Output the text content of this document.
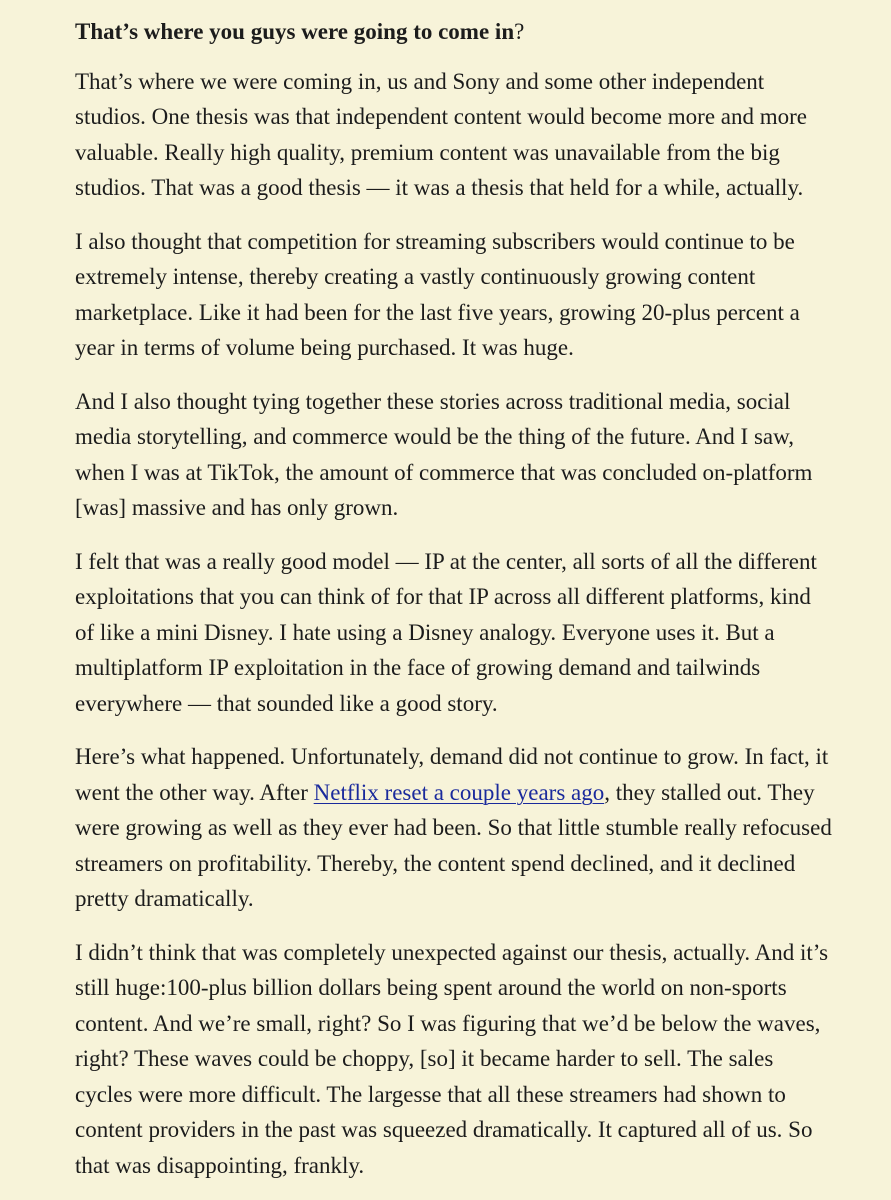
That’s where you guys were going to come in?

That’s where we were coming in, us and Sony and some other independent studios. One thesis was that independent content would become more and more valuable. Really high quality, premium content was unavailable from the big studios. That was a good thesis — it was a thesis that held for a while, actually.

I also thought that competition for streaming subscribers would continue to be extremely intense, thereby creating a vastly continuously growing content marketplace. Like it had been for the last five years, growing 20-plus percent a year in terms of volume being purchased. It was huge.

And I also thought tying together these stories across traditional media, social media storytelling, and commerce would be the thing of the future. And I saw, when I was at TikTok, the amount of commerce that was concluded on-platform [was] massive and has only grown.

I felt that was a really good model — IP at the center, all sorts of all the different exploitations that you can think of for that IP across all different platforms, kind of like a mini Disney. I hate using a Disney analogy. Everyone uses it. But a multiplatform IP exploitation in the face of growing demand and tailwinds everywhere — that sounded like a good story.

Here’s what happened. Unfortunately, demand did not continue to grow. In fact, it went the other way. After Netflix reset a couple years ago, they stalled out. They were growing as well as they ever had been. So that little stumble really refocused streamers on profitability. Thereby, the content spend declined, and it declined pretty dramatically.

I didn’t think that was completely unexpected against our thesis, actually. And it’s still huge:100-plus billion dollars being spent around the world on non-sports content. And we’re small, right? So I was figuring that we’d be below the waves, right? These waves could be choppy, [so] it became harder to sell. The sales cycles were more difficult. The largesse that all these streamers had shown to content providers in the past was squeezed dramatically. It captured all of us. So that was disappointing, frankly.
